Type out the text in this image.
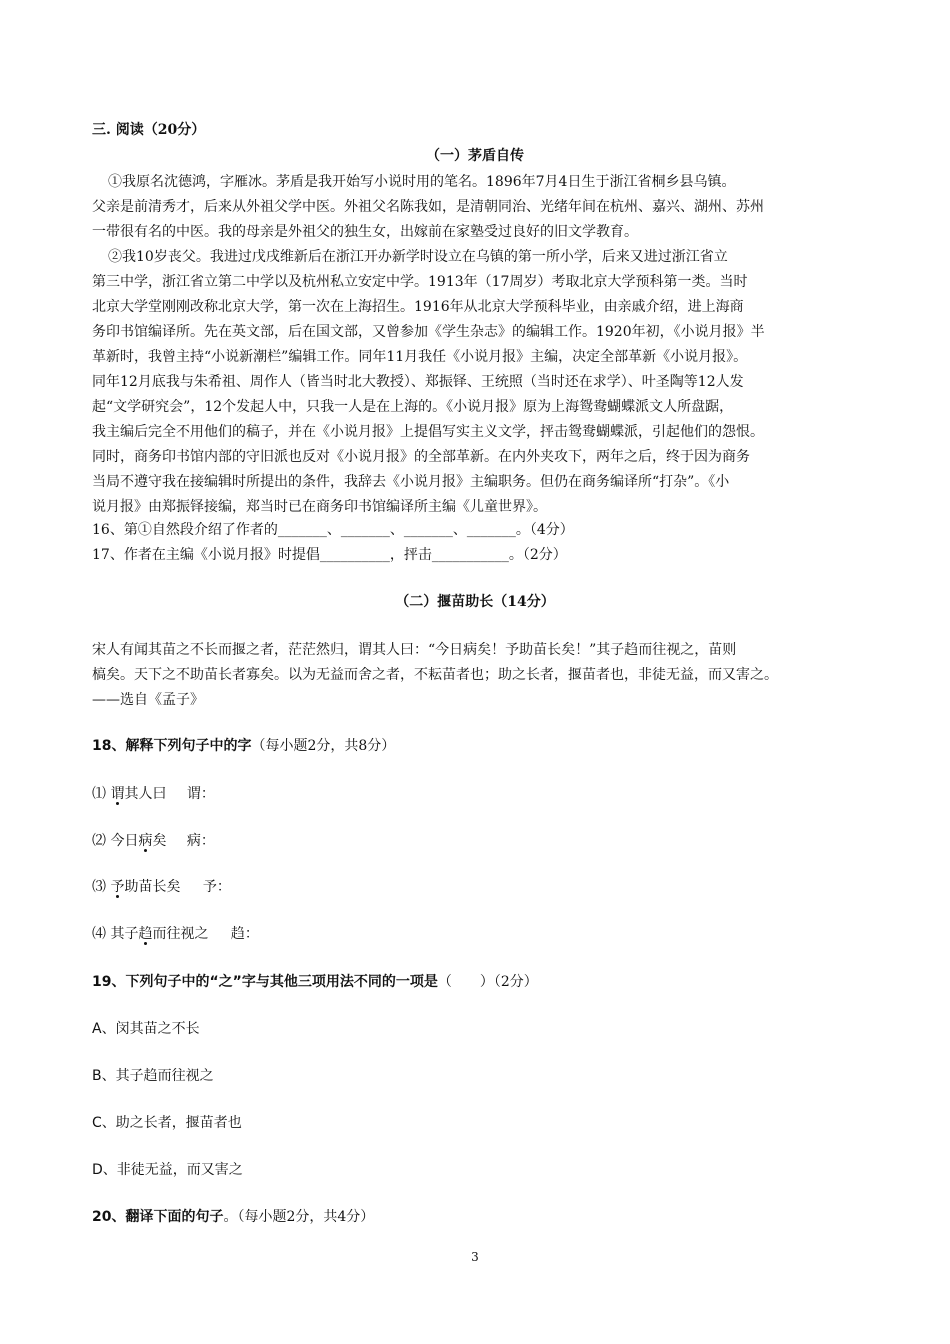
三. 阅读（20分）
（一）茅盾自传
①我原名沈德鸿，字雁冰。茅盾是我开始写小说时用的笔名。1896年7月4日生于浙江省桐乡县乌镇。
父亲是前清秀才，后来从外祖父学中医。外祖父名陈我如，是清朝同治、光绪年间在杭州、嘉兴、湖州、苏州
一带很有名的中医。我的母亲是外祖父的独生女，出嫁前在家塾受过良好的旧文学教育。
②我10岁丧父。我进过戊戌维新后在浙江开办新学时设立在乌镇的第一所小学，后来又进过浙江省立
第三中学，浙江省立第二中学以及杭州私立安定中学。1913年（17周岁）考取北京大学预科第一类。当时
北京大学堂刚刚改称北京大学，第一次在上海招生。1916年从北京大学预科毕业，由亲戚介绍，进上海商
务印书馆编译所。先在英文部，后在国文部，又曾参加《学生杂志》的编辑工作。1920年初，《小说月报》半
革新时，我曾主持“小说新潮栏”编辑工作。同年11月我任《小说月报》主编，决定全部革新《小说月报》。
同年12月底我与朱希祖、周作人（皆当时北大教授）、郑振铎、王统照（当时还在求学）、叶圣陶等12人发
起“文学研究会”，12个发起人中，只我一人是在上海的。《小说月报》原为上海鸳鸯蝴蝶派文人所盘踞，
我主编后完全不用他们的稿子，并在《小说月报》上提倡写实主义文学，抨击鸳鸯蝴蝶派，引起他们的怨恨。
同时，商务印书馆内部的守旧派也反对《小说月报》的全部革新。在内外夹攻下，两年之后，终于因为商务
当局不遵守我在接编辑时所提出的条件，我辞去《小说月报》主编职务。但仍在商务编译所“打杂”。《小
说月报》由郑振铎接编，郑当时已在商务印书馆编译所主编《儿童世界》。
16、第①自然段介绍了作者的_______、_______、_______、_______。（4分）
17、作者在主编《小说月报》时提倡__________，抨击___________。（2分）
（二）揠苗助长（14分）
宋人有闻其苗之不长而揠之者，茫茫然归，谓其人曰：“今日病矣！予助苗长矣！”其子趋而往视之，苗则
槁矣。天下之不助苗长者寡矣。以为无益而舍之者，不耘苗者也；助之长者，揠苗者也，非徒无益，而又害之。
——选自《孟子》
18、解释下列句子中的字（每小题2分，共8分）
⑴ 谓其人曰 谓：
⑵ 今日病矣 病：
⑶ 予助苗长矣 予：
⑷ 其子趋而往视之 趋：
19、下列句子中的“之”字与其他三项用法不同的一项是（　　）（2分）
A、闵其苗之不长
B、其子趋而往视之
C、助之长者，揠苗者也
D、非徒无益，而又害之
20、翻译下面的句子。（每小题2分，共4分）
3
